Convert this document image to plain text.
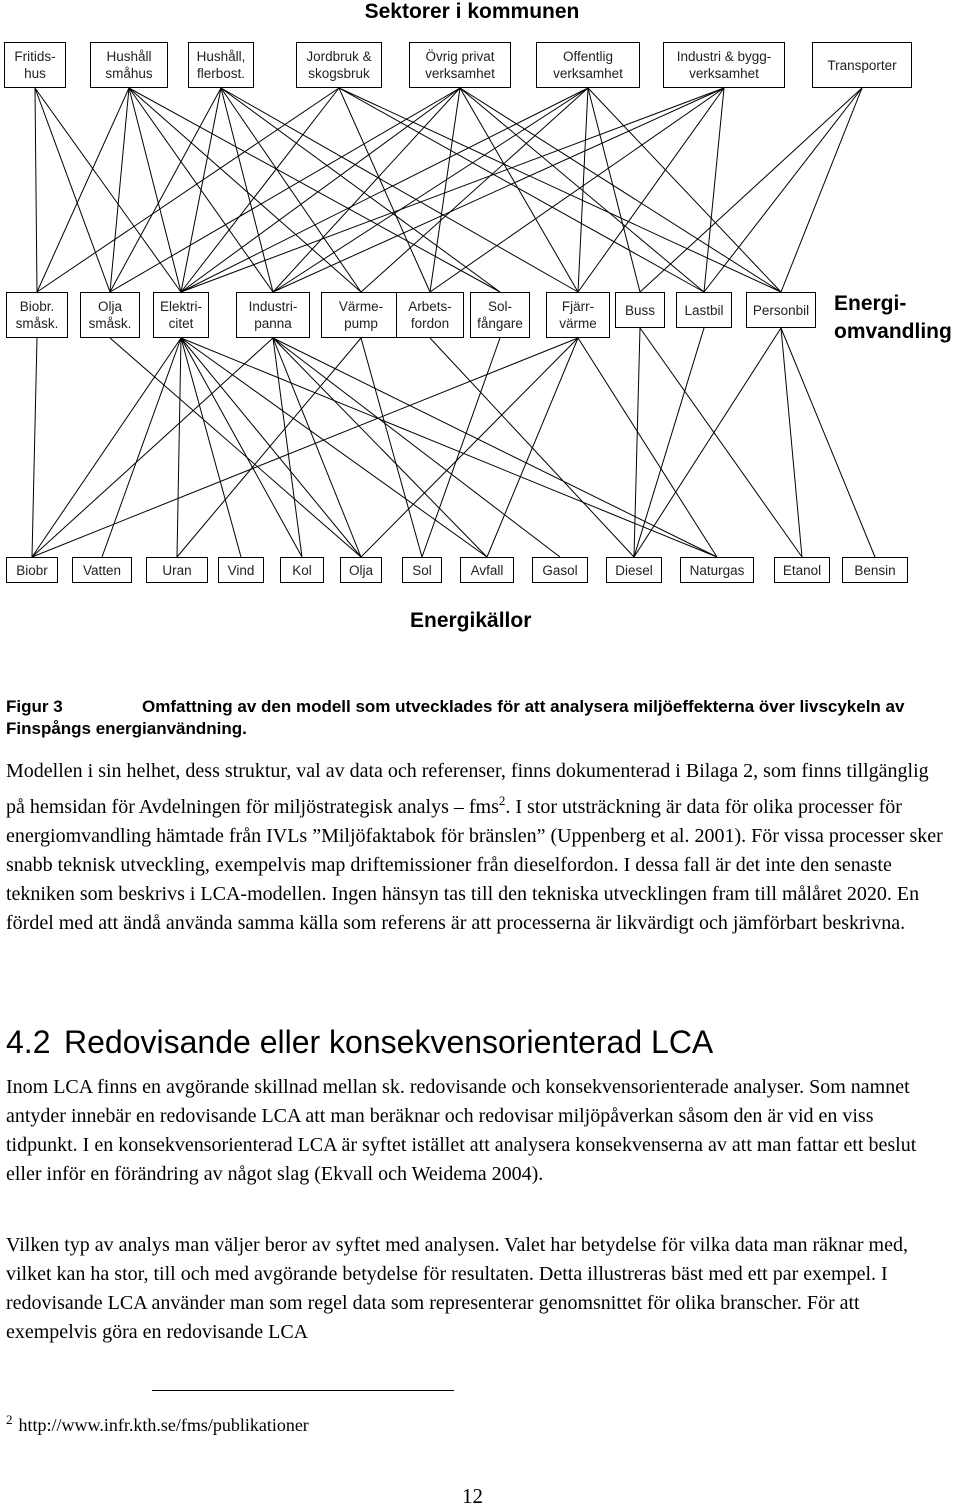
Sektorer i kommunen
Energi-
omvandling
Energikällor
Fritids-
hus
Hushåll
småhus
Hushåll,
flerbost.
Jordbruk &
skogsbruk
Övrig privat
verksamhet
Offentlig
verksamhet
Industri & bygg-
verksamhet
Transporter
Biobr.
småsk.
Olja
småsk.
Elektri-
citet
Industri-
panna
Värme-
pump
Arbets-
fordon
Sol-
fångare
Fjärr-
värme
Buss	Lastbil	Personbil
Biobr	Vatten	Uran	Vind	Kol	Olja	Sol	Avfall	Gasol	Diesel	Naturgas	Etanol	Bensin
Figur 3	Omfattning av den modell som utvecklades för att analysera miljöeffekterna över livscykeln av Finspångs energianvändning.

Modellen i sin helhet, dess struktur, val av data och referenser, finns dokumenterad i Bilaga 2, som finns tillgänglig på hemsidan för Avdelningen för miljöstrategisk analys – fms$^2$. I stor utsträckning är data för olika processer för energiomvandling hämtade från IVLs ”Miljöfaktabok för bränslen” (Uppenberg et al. 2001). För vissa processer sker snabb teknisk utveckling, exempelvis map driftemissioner från dieselfordon. I dessa fall är det inte den senaste tekniken som beskrivs i LCA-modellen. Ingen hänsyn tas till den tekniska utvecklingen fram till målåret 2020. En fördel med att ändå använda samma källa som referens är att processerna är likvärdigt och jämförbart beskrivna.

4.2 Redovisande eller konsekvensorienterad LCA

Inom LCA finns en avgörande skillnad mellan sk. redovisande och konsekvensorienterade analyser. Som namnet antyder innebär en redovisande LCA att man beräknar och redovisar miljöpåverkan såsom den är vid en viss tidpunkt. I en konsekvensorienterad LCA är syftet istället att analysera konsekvenserna av att man fattar ett beslut eller inför en förändring av något slag (Ekvall och Weidema 2004).

Vilken typ av analys man väljer beror av syftet med analysen. Valet har betydelse för vilka data man räknar med, vilket kan ha stor, till och med avgörande betydelse för resultaten. Detta illustreras bäst med ett par exempel. I redovisande LCA använder man som regel data som representerar genomsnittet för olika branscher. För att exempelvis göra en redovisande LCA

$^2$ http://www.infr.kth.se/fms/publikationer
12
